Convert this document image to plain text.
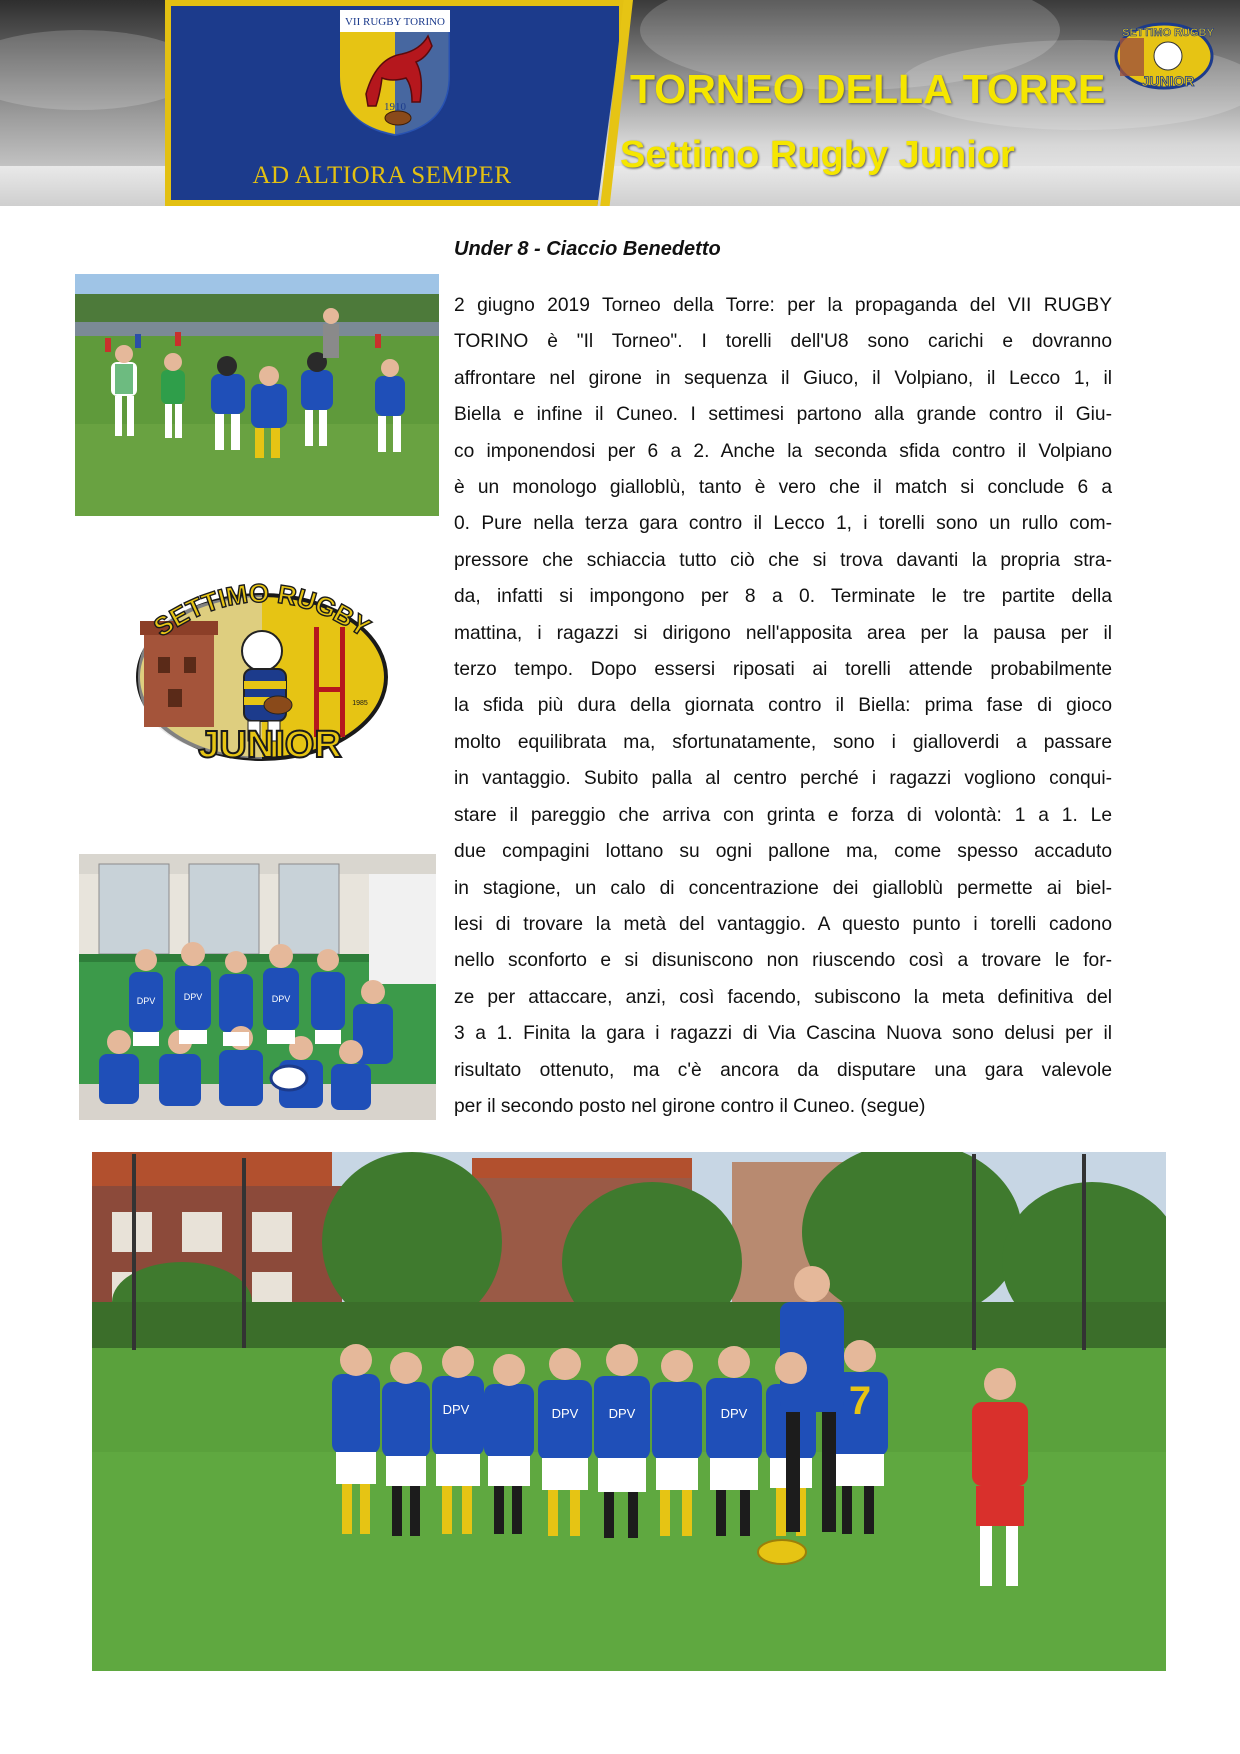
VII RUGBY TORINO
1910
AD ALTIORA SEMPER
TORNEO DELLA TORRE
Settimo Rugby Junior
SETTIMO RUGBY
JUNIOR
SETTIMO RUGBY
JUNIOR
1985
DPV	DPV	DPV
Under 8 - Ciaccio Benedetto
2 giugno 2019 Torneo della Torre: per la propaganda del VII RUGBY
TORINO è "Il Torneo". I torelli dell'U8 sono carichi e dovranno
affrontare nel girone in sequenza il Giuco, il Volpiano, il Lecco 1, il
Biella e infine il Cuneo. I settimesi partono alla grande contro il Giu-
co imponendosi per 6 a 2. Anche la seconda sfida contro il Volpiano
è un monologo gialloblù, tanto è vero che il match si conclude 6 a
0. Pure nella terza gara contro il Lecco 1, i torelli sono un rullo com-
pressore che schiaccia tutto ciò che si trova davanti la propria stra-
da, infatti si impongono per 8 a 0. Terminate le tre partite della
mattina, i ragazzi si dirigono nell'apposita area per la pausa per il
terzo tempo. Dopo essersi riposati ai torelli attende probabilmente
la sfida più dura della giornata contro il Biella: prima fase di gioco
molto equilibrata ma, sfortunatamente, sono i gialloverdi a passare
in vantaggio. Subito palla al centro perché i ragazzi vogliono conqui-
stare il pareggio che arriva con grinta e forza di volontà: 1 a 1. Le
due compagini lottano su ogni pallone ma, come spesso accaduto
in stagione, un calo di concentrazione dei gialloblù permette ai biel-
lesi di trovare la metà del vantaggio. A questo punto i torelli cadono
nello sconforto e si disuniscono non riuscendo così a trovare le for-
ze per attaccare, anzi, così facendo, subiscono la meta definitiva del
3 a 1. Finita la gara i ragazzi di Via Cascina Nuova sono delusi per il
risultato ottenuto, ma c'è ancora da disputare una gara valevole
per il secondo posto nel girone contro il Cuneo. (segue)
DPV	DPV DPV	DPV	7
